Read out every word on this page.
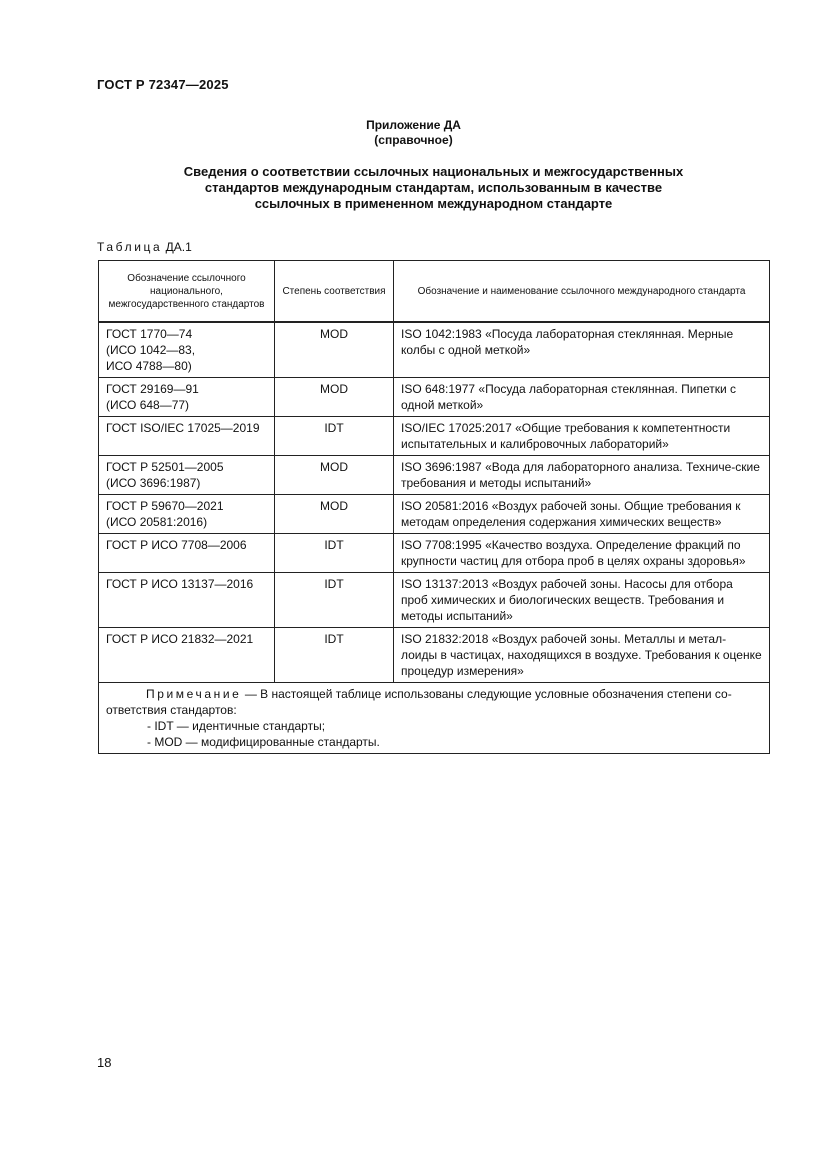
ГОСТ Р 72347—2025
Приложение ДА
(справочное)
Сведения о соответствии ссылочных национальных и межгосударственных
стандартов международным стандартам, использованным в качестве
ссылочных в примененном международном стандарте
Таблица ДА.1
Обозначение ссылочного национального, межгосударственного стандартов	Степень соответствия	Обозначение и наименование ссылочного международного стандарта

ГОСТ 1770—74
(ИСО 1042—83,
ИСО 4788—80)	MOD	ISO 1042:1983 «Посуда лабораторная стеклянная. Мерные колбы с одной меткой»

ГОСТ 29169—91
(ИСО 648—77)	MOD	ISO 648:1977 «Посуда лабораторная стеклянная. Пипетки с одной меткой»

ГОСТ ISO/IEC 17025—2019	IDT	ISO/IEC 17025:2017 «Общие требования к компетентности испытательных и калибровочных лабораторий»

ГОСТ Р 52501—2005
(ИСО 3696:1987)	MOD	ISO 3696:1987 «Вода для лабораторного анализа. Техниче-ские требования и методы испытаний»

ГОСТ Р 59670—2021
(ИСО 20581:2016)	MOD	ISO 20581:2016 «Воздух рабочей зоны. Общие требования к методам определения содержания химических веществ»

ГОСТ Р ИСО 7708—2006	IDT	ISO 7708:1995 «Качество воздуха. Определение фракций по крупности частиц для отбора проб в целях охраны здоровья»

ГОСТ Р ИСО 13137—2016	IDT	ISO 13137:2013 «Воздух рабочей зоны. Насосы для отбора проб химических и биологических веществ. Требования и методы испытаний»

ГОСТ Р ИСО 21832—2021	IDT	ISO 21832:2018 «Воздух рабочей зоны. Металлы и метал-лоиды в частицах, находящихся в воздухе. Требования к оценке процедур измерения»

Примечание — В настоящей таблице использованы следующие условные обозначения степени со-ответствия стандартов:
- IDT — идентичные стандарты;
- MOD — модифицированные стандарты.		
18
